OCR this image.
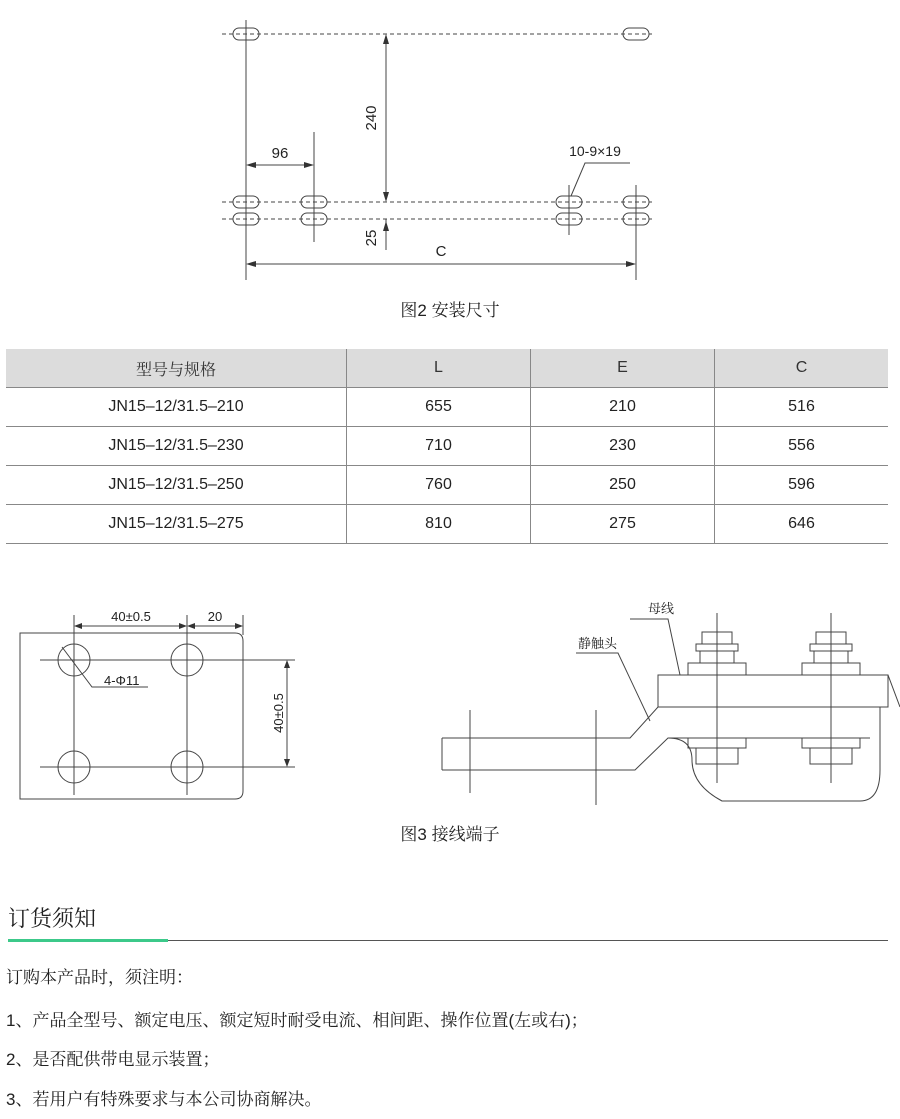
240
96	10-9×19
25
C
图2 安装尺寸
型号与规格	L	E	C
JN15–12/31.5–210	655	210	516
JN15–12/31.5–230	710	230	556
JN15–12/31.5–250	760	250	596
JN15–12/31.5–275	810	275	646
40±0.5	20
4-Φ11
40±0.5
母线
静触头
图3 接线端子
订货须知
订购本产品时，须注明：
1、产品全型号、额定电压、额定短时耐受电流、相间距、操作位置(左或右)；
2、是否配供带电显示装置；
3、若用户有特殊要求与本公司协商解决。
